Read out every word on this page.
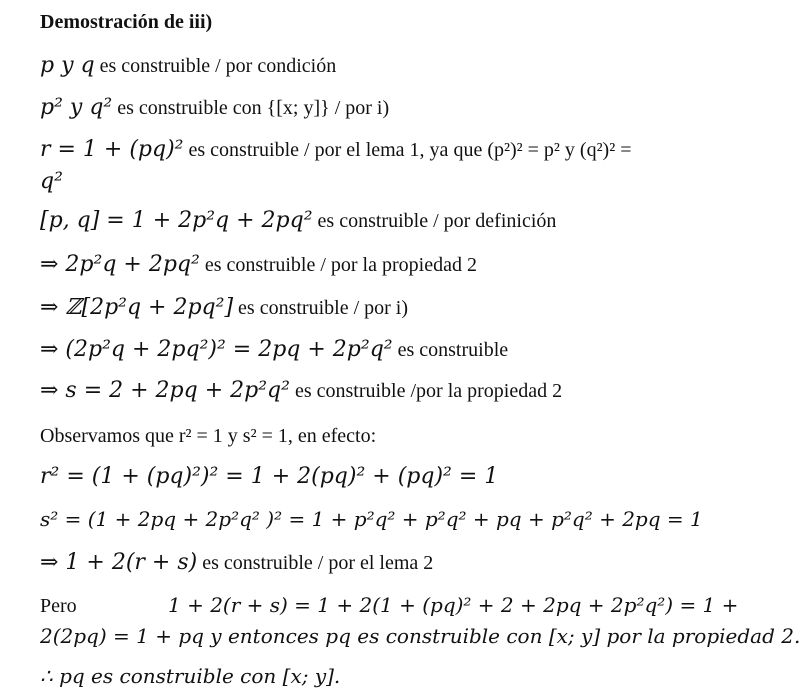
Demostración de iii)
p y q es construible / por condición
p² y q² es construible con {[x; y]} / por i)
r = 1 + (pq)² es construible / por el lema 1, ya que (p²)² = p² y (q²)² =
q²
[p, q] = 1 + 2p²q + 2pq² es construible / por definición
⇒ 2p²q + 2pq² es construible / por la propiedad 2
⇒ ℤ[2p²q + 2pq²] es construible / por i)
⇒ (2p²q + 2pq²)² = 2pq + 2p²q² es construible
⇒ s = 2 + 2pq + 2p²q² es construible /por la propiedad 2
Observamos que r² = 1 y s² = 1, en efecto:
r² = (1 + (pq)²)² = 1 + 2(pq)² + (pq)² = 1
s² = (1 + 2pq + 2p²q² )² = 1 + p²q² + p²q² + pq + p²q² + 2pq = 1
⇒ 1 + 2(r + s) es construible / por el lema 2
Pero	1 + 2(r + s) = 1 + 2(1 + (pq)² + 2 + 2pq + 2p²q²) = 1 +
2(2pq) = 1 + pq y entonces pq es construible con [x; y] por la propiedad 2.
∴ pq es construible con [x; y].
